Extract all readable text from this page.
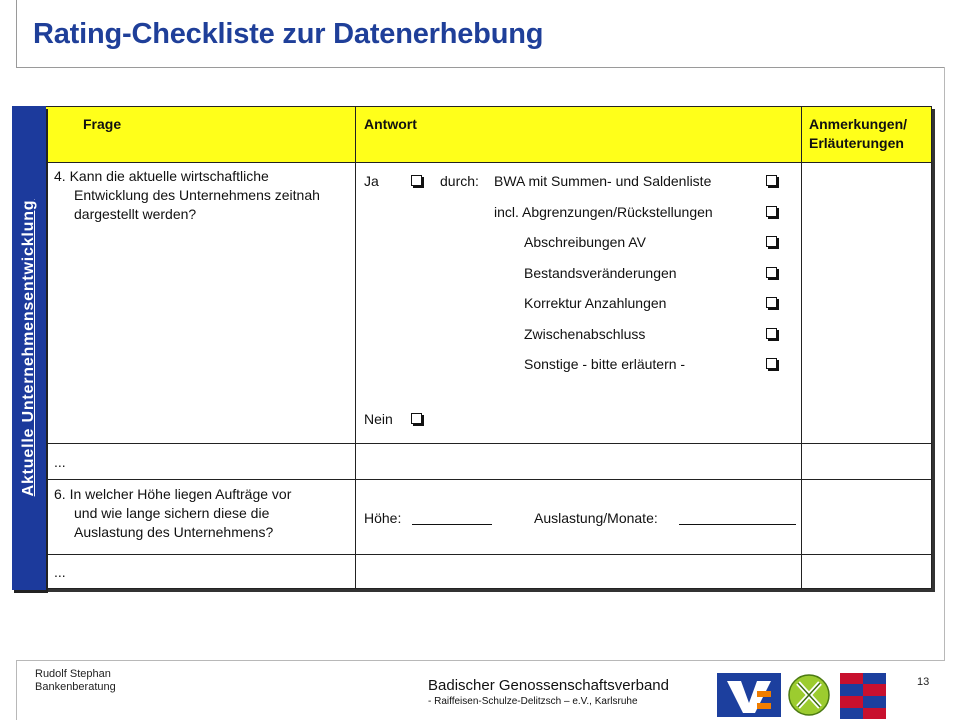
Rating-Checkliste zur Datenerhebung
Frage	Antwort	Anmerkungen/
Erläuterungen
4. Kann die aktuelle wirtschaftliche
Entwicklung des Unternehmens zeitnah
dargestellt werden?
Ja	durch: BWA mit Summen- und Saldenliste
incl. Abgrenzungen/Rückstellungen
Abschreibungen AV
Bestandsveränderungen
Korrektur Anzahlungen
Zwischenabschluss
Sonstige - bitte erläutern -
Nein
...
6. In welcher Höhe liegen Aufträge vor
und wie lange sichern diese die
Auslastung des Unternehmens?
Höhe:	Auslastung/Monate:
...
Aktuelle Unternehmensentwicklung
Rudolf Stephan
Bankenberatung	Badischer Genossenschaftsverband
- Raiffeisen-Schulze-Delitzsch – e.V., Karlsruhe
13
